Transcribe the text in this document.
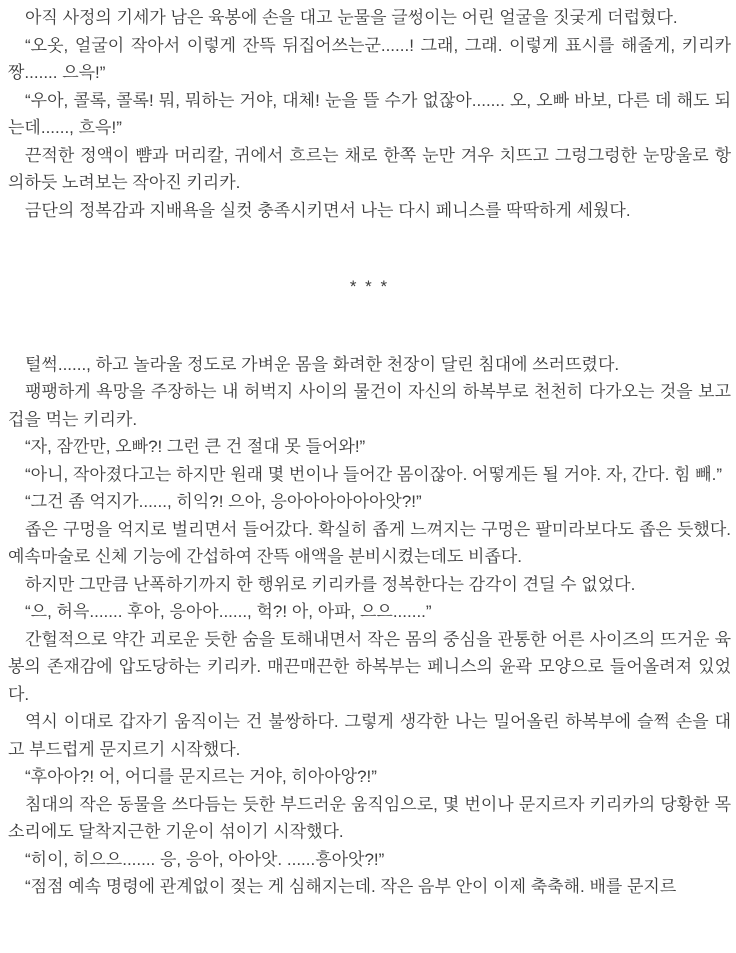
아직 사정의 기세가 남은 육봉에 손을 대고 눈물을 글썽이는 어린 얼굴을 짓궂게 더럽혔다.

“오옷, 얼굴이 작아서 이렇게 잔뜩 뒤집어쓰는군......! 그래, 그래. 이렇게 표시를 해줄게, 키리카 짱....... 으윽!”

“우아, 콜록, 콜록! 뭐, 뭐하는 거야, 대체! 눈을 뜰 수가 없잖아....... 오, 오빠 바보, 다른 데 해도 되는데......, 흐윽!”

끈적한 정액이 뺨과 머리칼, 귀에서 흐르는 채로 한쪽 눈만 겨우 치뜨고 그렁그렁한 눈망울로 항의하듯 노려보는 작아진 키리카.

금단의 정복감과 지배욕을 실컷 충족시키면서 나는 다시 페니스를 딱딱하게 세웠다.

* * *

털썩......, 하고 놀라울 정도로 가벼운 몸을 화려한 천장이 달린 침대에 쓰러뜨렸다.

팽팽하게 욕망을 주장하는 내 허벅지 사이의 물건이 자신의 하복부로 천천히 다가오는 것을 보고 겁을 먹는 키리카.

“자, 잠깐만, 오빠?! 그런 큰 건 절대 못 들어와!”

“아니, 작아졌다고는 하지만 원래 몇 번이나 들어간 몸이잖아. 어떻게든 될 거야. 자, 간다. 힘 빼.”

“그건 좀 억지가......, 히익?! 으아, 응아아아아아아앗?!”

좁은 구멍을 억지로 벌리면서 들어갔다. 확실히 좁게 느껴지는 구멍은 팔미라보다도 좁은 듯했다. 예속마술로 신체 기능에 간섭하여 잔뜩 애액을 분비시켰는데도 비좁다.

하지만 그만큼 난폭하기까지 한 행위로 키리카를 정복한다는 감각이 견딜 수 없었다.

“으, 허윽....... 후아, 응아아......, 헉?! 아, 아파, 으으.......”

간헐적으로 약간 괴로운 듯한 숨을 토해내면서 작은 몸의 중심을 관통한 어른 사이즈의 뜨거운 육봉의 존재감에 압도당하는 키리카. 매끈매끈한 하복부는 페니스의 윤곽 모양으로 들어올려져 있었다.

역시 이대로 갑자기 움직이는 건 불쌍하다. 그렇게 생각한 나는 밀어올린 하복부에 슬쩍 손을 대고 부드럽게 문지르기 시작했다.

“후아아?! 어, 어디를 문지르는 거야, 히아아앙?!”

침대의 작은 동물을 쓰다듬는 듯한 부드러운 움직임으로, 몇 번이나 문지르자 키리카의 당황한 목소리에도 달착지근한 기운이 섞이기 시작했다.

“히이, 히으으....... 응, 응아, 아아앗. ......흥아앗?!”

“점점 예속 명령에 관계없이 젖는 게 심해지는데. 작은 음부 안이 이제 축축해. 배를 문지르
